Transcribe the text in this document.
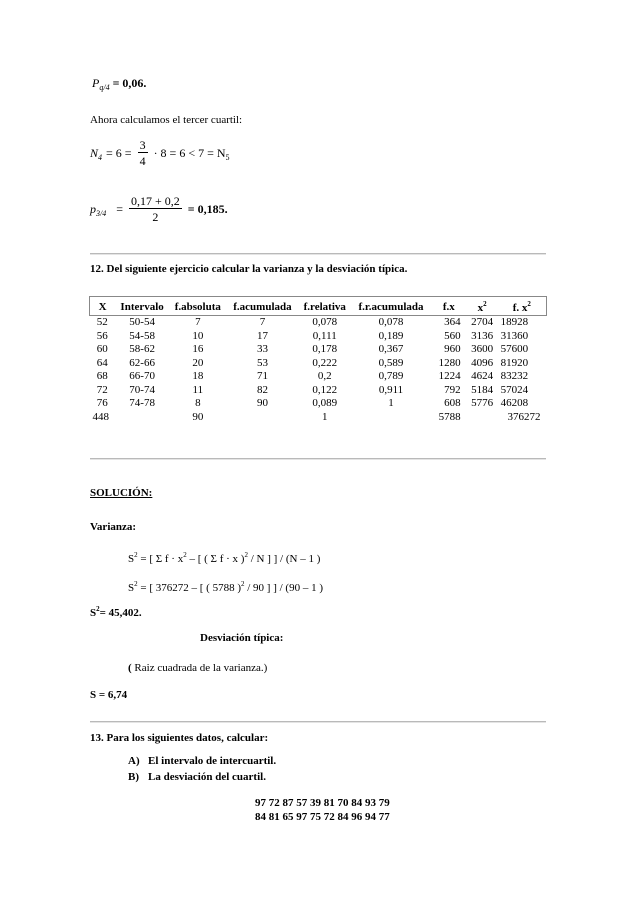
$P_{q/4} = 0,06$.
Ahora calculamos el tercer cuartil:
$N_4 = 6 = \frac{3}{4} \cdot 8 = 6 < 7 = N_5$
$p_{3/4} = \frac{0,17 + 0,2}{2} = 0,185$.
12. Del siguiente ejercicio calcular la varianza y la desviación típica.
X	Intervalo	f.absoluta	f.acumulada	f.relativa	f.r.acumulada	f.x	$x^2$	f. $x^2$
52	50-54	7	7	0,078	0,078	364	2704	18928
56	54-58	10	17	0,111	0,189	560	3136	31360
60	58-62	16	33	0,178	0,367	960	3600	57600
64	62-66	20	53	0,222	0,589	1280	4096	81920
68	66-70	18	71	0,2	0,789	1224	4624	83232
72	70-74	11	82	0,122	0,911	792	5184	57024
76	74-78	8	90	0,089	1	608	5776	46208
448		90		1		5788		376272
SOLUCIÓN:
Varianza:
$S^2$ = [ Σ $f \cdot x^2$ – [ ( Σ f · x )$^2$ / N ] ] / (N – 1 )
$S^2$ = [ 376272 – [ ( 5788 )$^2$ / 90 ] ] / (90 – 1 )
$S^2= 45,402$.
Desviación típica:
( Raiz cuadrada de la varianza.)
S = 6,74
13. Para los siguientes datos, calcular:
A) El intervalo de intercuartil.
B) La desviación del cuartil.
97 72 87 57 39 81 70 84 93 79
84 81 65 97 75 72 84 96 94 77
